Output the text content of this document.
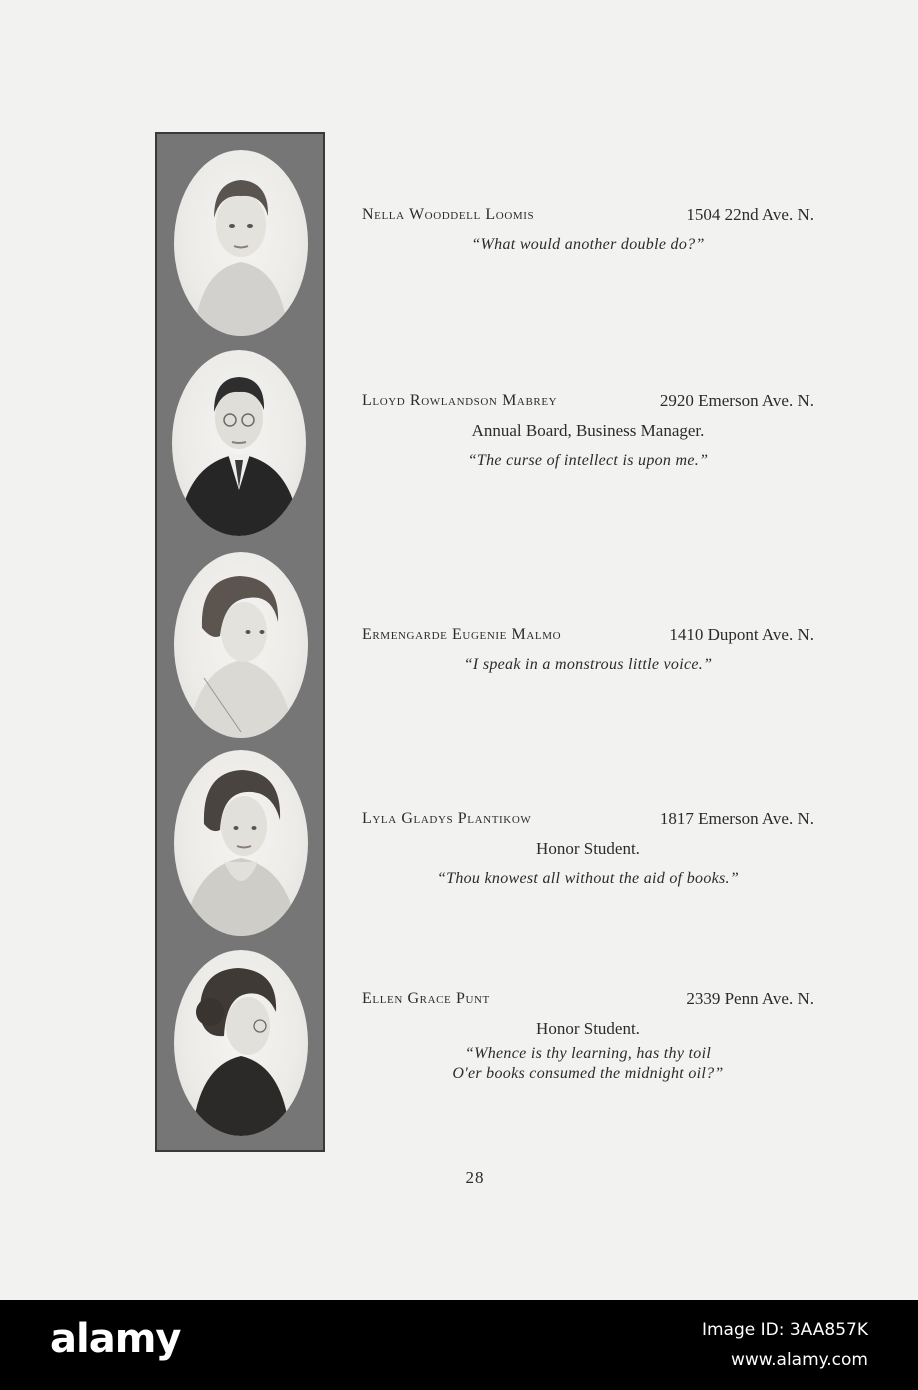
Nella Wooddell Loomis	1504 22nd Ave. N.
“What would another double do?”
Lloyd Rowlandson Mabrey	2920 Emerson Ave. N.
Annual Board, Business Manager.
“The curse of intellect is upon me.”
Ermengarde Eugenie Malmo	1410 Dupont Ave. N.
“I speak in a monstrous little voice.”
Lyla Gladys Plantikow	1817 Emerson Ave. N.
Honor Student.
“Thou knowest all without the aid of books.”
Ellen Grace Punt	2339 Penn Ave. N.
Honor Student.
“Whence is thy learning, has thy toil
O'er books consumed the midnight oil?”
28
alamy	Image ID: 3AA857K
www.alamy.com
